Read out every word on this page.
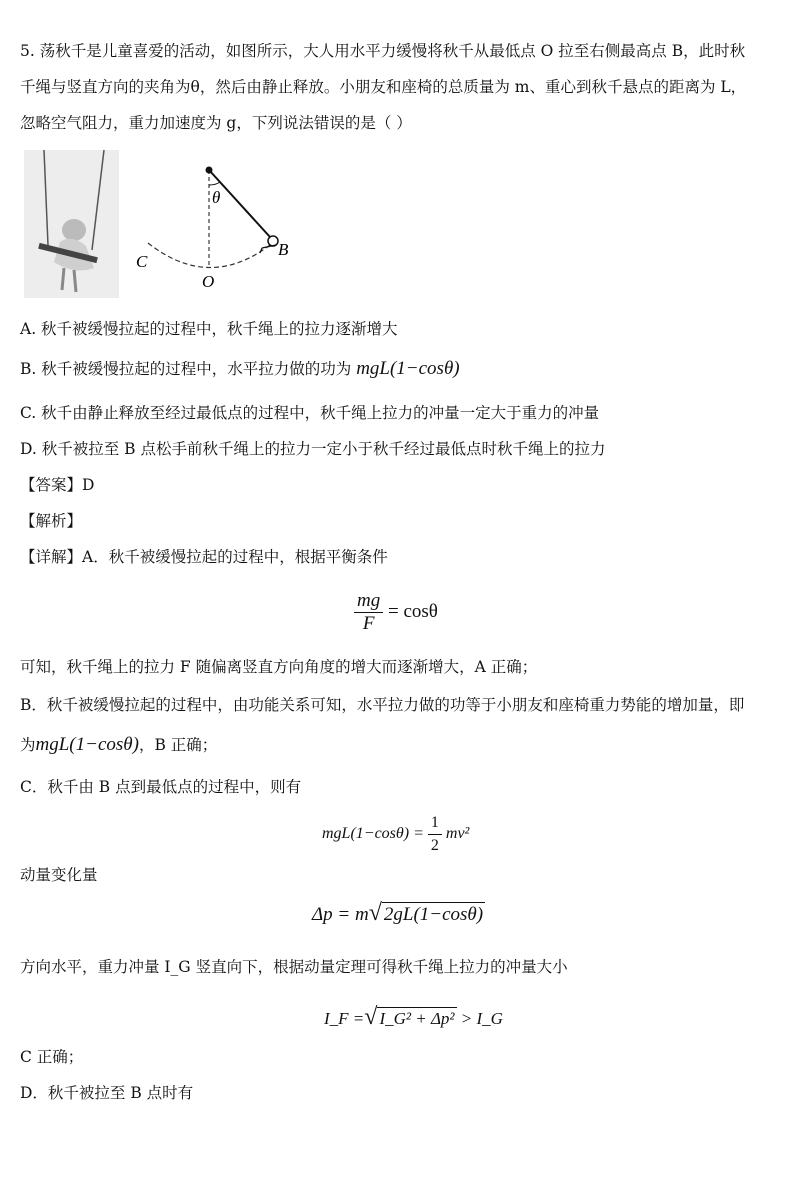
5. 荡秋千是儿童喜爱的活动，如图所示，大人用水平力缓慢将秋千从最低点 O 拉至右侧最高点 B，此时秋
千绳与竖直方向的夹角为θ，然后由静止释放。小朋友和座椅的总质量为 m、重心到秋千悬点的距离为 L，
忽略空气阻力，重力加速度为 g，下列说法错误的是（ ）
θ
B
C
O
A. 秋千被缓慢拉起的过程中，秋千绳上的拉力逐渐增大
B. 秋千被缓慢拉起的过程中，水平拉力做的功为 mgL(1−cosθ)
C. 秋千由静止释放至经过最低点的过程中，秋千绳上拉力的冲量一定大于重力的冲量
D. 秋千被拉至 B 点松手前秋千绳上的拉力一定小于秋千经过最低点时秋千绳上的拉力
【答案】D
【解析】
【详解】A．秋千被缓慢拉起的过程中，根据平衡条件
$\frac{mg}{F} = \cos\theta$
可知，秋千绳上的拉力 F 随偏离竖直方向角度的增大而逐渐增大，A 正确；
B．秋千被缓慢拉起的过程中，由功能关系可知，水平拉力做的功等于小朋友和座椅重力势能的增加量，即
为mgL(1−cosθ)，B 正确；
C．秋千由 B 点到最低点的过程中，则有
$mgL(1-\cos\theta) = \frac{1}{2} mv^2$
动量变化量
Δp = m√ 2gL(1−cosθ)
方向水平，重力冲量 I_G 竖直向下，根据动量定理可得秋千绳上拉力的冲量大小
I_F =√ I_G² + Δp² > I_G
C 正确；
D．秋千被拉至 B 点时有
